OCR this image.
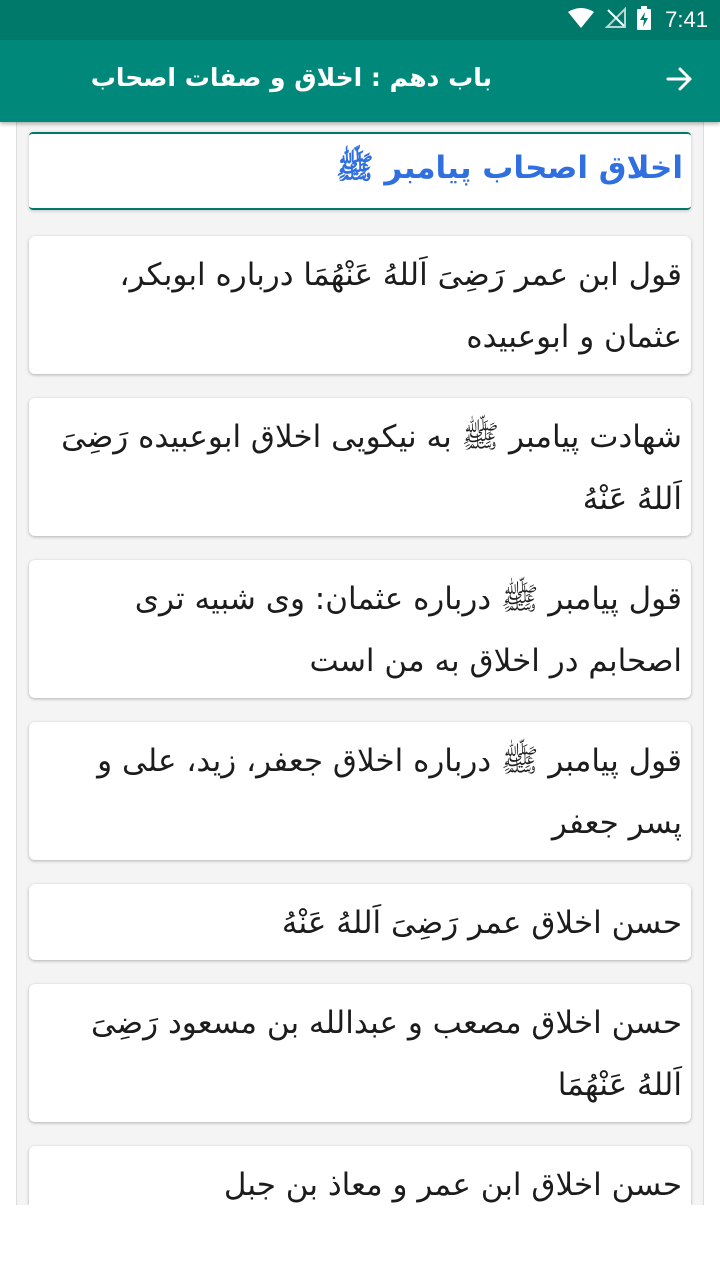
7:41
باب دهم : اخلاق و صفات اصحاب
اخلاق اصحاب پیامبر ﷺ
قول ابن عمر رَضِیَ اَللهُ عَنْهُمَا درباره ابوبکر، عثمان و ابوعبیده
شهادت پیامبر ﷺ به نیکویی اخلاق ابوعبیده رَضِیَ اَللهُ عَنْهُ
قول پیامبر ﷺ درباره عثمان: وی شبیه تری اصحابم در اخلاق به من است
قول پیامبر ﷺ درباره اخلاق جعفر، زید، علی و پسر جعفر
حسن اخلاق عمر رَضِیَ اَللهُ عَنْهُ
حسن اخلاق مصعب و عبدالله بن مسعود رَضِیَ اَللهُ عَنْهُمَا
حسن اخلاق ابن عمر و معاذ بن جبل
